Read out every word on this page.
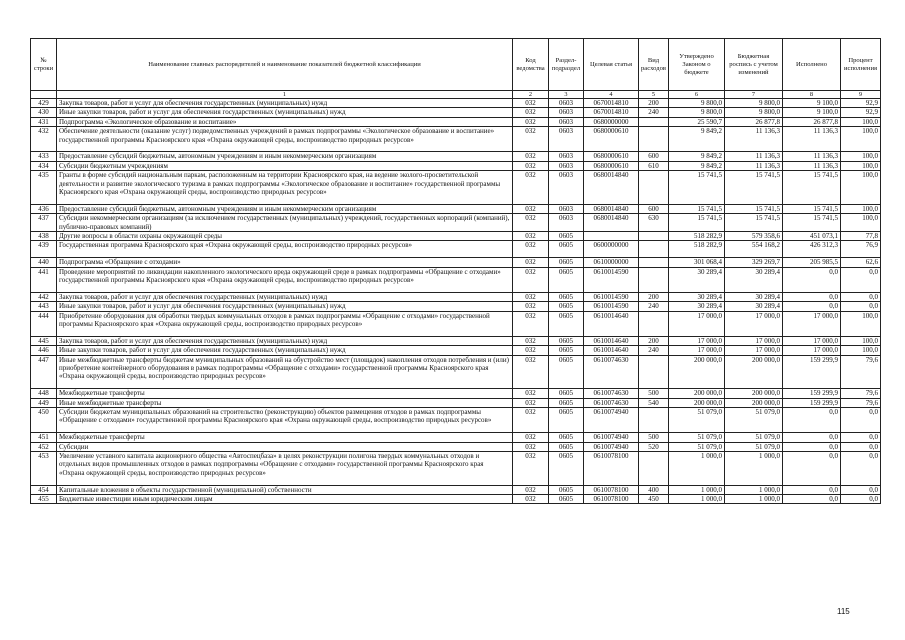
№ строки	Наименование главных распорядителей и наименование показателей бюджетной классификации	Код ведомства	Раздел-подраздел	Целевая статья	Вид расходов	Утверждено Законом о бюджете	Бюджетная роспись с учетом изменений	Исполнено	Процент исполнения
	1	2	3	4	5	6	7	8	9
429	Закупка товаров, работ и услуг для обеспечения государственных (муниципальных) нужд	032	0603	0670014810	200	9 800,0	9 800,0	9 100,0	92,9
430	Иные закупки товаров, работ и услуг для обеспечения государственных (муниципальных) нужд	032	0603	0670014810	240	9 800,0	9 800,0	9 100,0	92,9
431	Подпрограмма «Экологическое образование и воспитание»	032	0603	0680000000		25 590,7	26 877,8	26 877,8	100,0
432	Обеспечение деятельности (оказание услуг) подведомственных учреждений в рамках подпрограммы «Экологическое образование и воспитание» государственной программы Красноярского края «Охрана окружающей среды, воспроизводство природных ресурсов»	032	0603	0680000610		9 849,2	11 136,3	11 136,3	100,0
433	Предоставление субсидий бюджетным, автономным учреждениям и иным некоммерческим организациям	032	0603	0680000610	600	9 849,2	11 136,3	11 136,3	100,0
434	Субсидии бюджетным учреждениям	032	0603	0680000610	610	9 849,2	11 136,3	11 136,3	100,0
435	Гранты в форме субсидий национальным паркам, расположенным на территории Красноярского края, на ведение эколого-просветительской деятельности и развитие экологического туризма в рамках подпрограммы «Экологическое образование и воспитание» государственной программы Красноярского края «Охрана окружающей среды, воспроизводство природных ресурсов»	032	0603	0680014840		15 741,5	15 741,5	15 741,5	100,0
436	Предоставление субсидий бюджетным, автономным учреждениям и иным некоммерческим организациям	032	0603	0680014840	600	15 741,5	15 741,5	15 741,5	100,0
437	Субсидии некоммерческим организациям (за исключением государственных (муниципальных) учреждений, государственных корпораций (компаний), публично-правовых компаний)	032	0603	0680014840	630	15 741,5	15 741,5	15 741,5	100,0
438	Другие вопросы в области охраны окружающей среды	032	0605			518 282,9	579 358,6	451 073,1	77,8
439	Государственная программа Красноярского края «Охрана окружающей среды, воспроизводство природных ресурсов»	032	0605	0600000000		518 282,9	554 168,2	426 312,3	76,9
440	Подпрограмма «Обращение с отходами»	032	0605	0610000000		301 068,4	329 269,7	205 985,5	62,6
441	Проведение мероприятий по ликвидации накопленного экологического вреда окружающей среде в рамках подпрограммы «Обращение с отходами» государственной программы Красноярского края «Охрана окружающей среды, воспроизводство природных ресурсов»	032	0605	0610014590		30 289,4	30 289,4	0,0	0,0
442	Закупка товаров, работ и услуг для обеспечения государственных (муниципальных) нужд	032	0605	0610014590	200	30 289,4	30 289,4	0,0	0,0
443	Иные закупки товаров, работ и услуг для обеспечения государственных (муниципальных) нужд	032	0605	0610014590	240	30 289,4	30 289,4	0,0	0,0
444	Приобретение оборудования для обработки твердых коммунальных отходов в рамках подпрограммы «Обращение с отходами» государственной программы Красноярского края «Охрана окружающей среды, воспроизводство природных ресурсов»	032	0605	0610014640		17 000,0	17 000,0	17 000,0	100,0
445	Закупка товаров, работ и услуг для обеспечения государственных (муниципальных) нужд	032	0605	0610014640	200	17 000,0	17 000,0	17 000,0	100,0
446	Иные закупки товаров, работ и услуг для обеспечения государственных (муниципальных) нужд	032	0605	0610014640	240	17 000,0	17 000,0	17 000,0	100,0
447	Иные межбюджетные трансферты бюджетам муниципальных образований на обустройство мест (площадок) накопления отходов потребления и (или) приобретение контейнерного оборудования в рамках подпрограммы «Обращение с отходами» государственной программы Красноярского края «Охрана окружающей среды, воспроизводство природных ресурсов»	032	0605	0610074630		200 000,0	200 000,0	159 299,9	79,6
448	Межбюджетные трансферты	032	0605	0610074630	500	200 000,0	200 000,0	159 299,9	79,6
449	Иные межбюджетные трансферты	032	0605	0610074630	540	200 000,0	200 000,0	159 299,9	79,6
450	Субсидии бюджетам муниципальных образований на строительство (реконструкцию) объектов размещения отходов в рамках подпрограммы «Обращение с отходами» государственной программы Красноярского края «Охрана окружающей среды, воспроизводство природных ресурсов»	032	0605	0610074940		51 079,0	51 079,0	0,0	0,0
451	Межбюджетные трансферты	032	0605	0610074940	500	51 079,0	51 079,0	0,0	0,0
452	Субсидии	032	0605	0610074940	520	51 079,0	51 079,0	0,0	0,0
453	Увеличение уставного капитала акционерного общества «Автоспецбаза» в целях реконструкции полигона твердых коммунальных отходов и отдельных видов промышленных отходов в рамках подпрограммы «Обращение с отходами» государственной программы Красноярского края «Охрана окружающей среды, воспроизводство природных ресурсов»	032	0605	0610078100		1 000,0	1 000,0	0,0	0,0
454	Капитальные вложения в объекты государственной (муниципальной) собственности	032	0605	0610078100	400	1 000,0	1 000,0	0,0	0,0
455	Бюджетные инвестиции иным юридическим лицам	032	0605	0610078100	450	1 000,0	1 000,0	0,0	0,0
115
